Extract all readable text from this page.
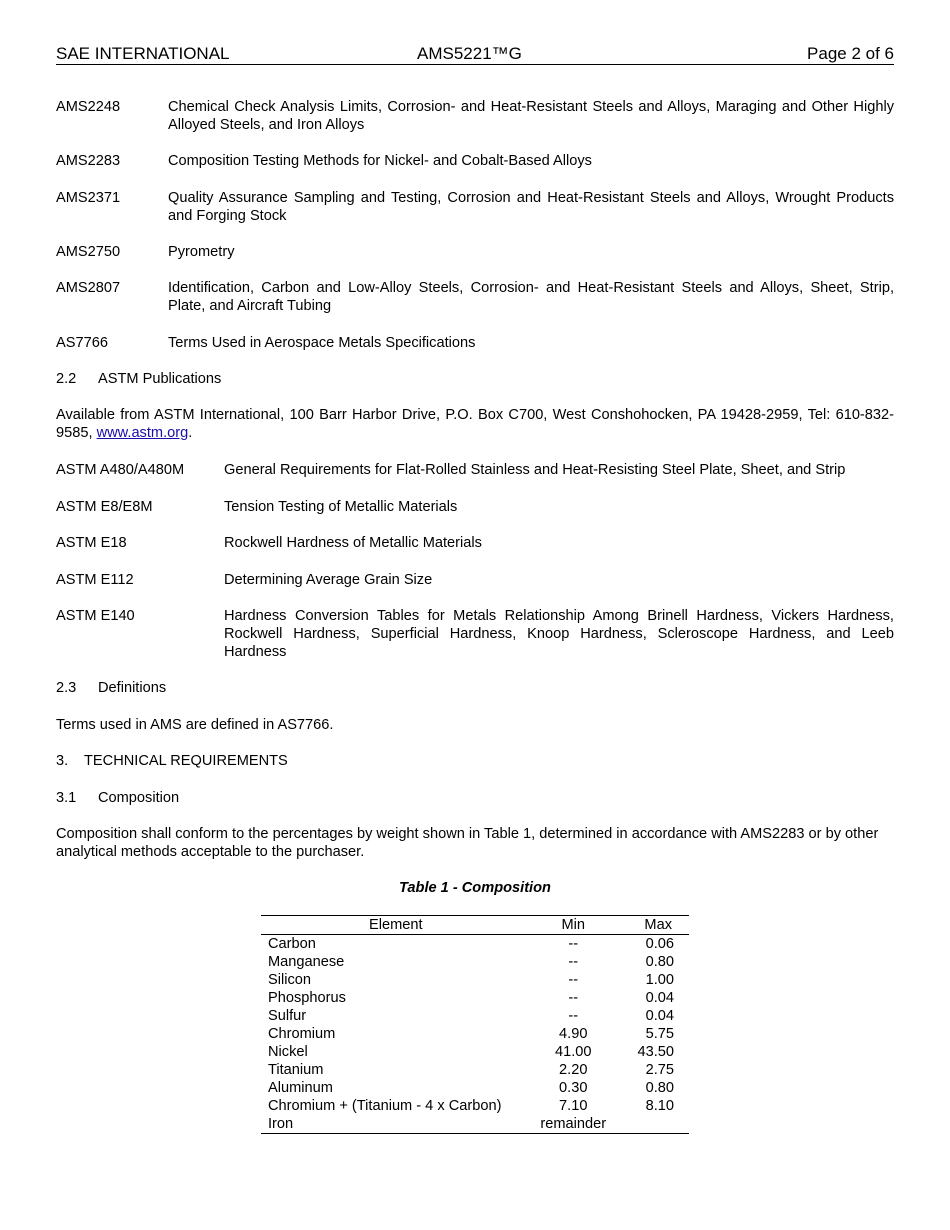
SAE INTERNATIONAL	AMS5221™G	Page 2 of 6
AMS2248	Chemical Check Analysis Limits, Corrosion- and Heat-Resistant Steels and Alloys, Maraging and Other Highly Alloyed Steels, and Iron Alloys
AMS2283	Composition Testing Methods for Nickel- and Cobalt-Based Alloys
AMS2371	Quality Assurance Sampling and Testing, Corrosion and Heat-Resistant Steels and Alloys, Wrought Products and Forging Stock
AMS2750	Pyrometry
AMS2807	Identification, Carbon and Low-Alloy Steels, Corrosion- and Heat-Resistant Steels and Alloys, Sheet, Strip, Plate, and Aircraft Tubing
AS7766	Terms Used in Aerospace Metals Specifications
2.2 ASTM Publications
Available from ASTM International, 100 Barr Harbor Drive, P.O. Box C700, West Conshohocken, PA 19428-2959, Tel: 610-832-9585, www.astm.org.
ASTM A480/A480M	General Requirements for Flat-Rolled Stainless and Heat-Resisting Steel Plate, Sheet, and Strip
ASTM E8/E8M	Tension Testing of Metallic Materials
ASTM E18	Rockwell Hardness of Metallic Materials
ASTM E112	Determining Average Grain Size
ASTM E140	Hardness Conversion Tables for Metals Relationship Among Brinell Hardness, Vickers Hardness, Rockwell Hardness, Superficial Hardness, Knoop Hardness, Scleroscope Hardness, and Leeb Hardness
2.3 Definitions
Terms used in AMS are defined in AS7766.
3. TECHNICAL REQUIREMENTS
3.1 Composition
Composition shall conform to the percentages by weight shown in Table 1, determined in accordance with AMS2283 or by other analytical methods acceptable to the purchaser.
Table 1 - Composition
Element	Min	Max
Carbon	--	0.06
Manganese	--	0.80
Silicon	--	1.00
Phosphorus	--	0.04
Sulfur	--	0.04
Chromium	4.90	5.75
Nickel	41.00	43.50
Titanium	2.20	2.75
Aluminum	0.30	0.80
Chromium + (Titanium - 4 x Carbon)	7.10	8.10
Iron	remainder	
